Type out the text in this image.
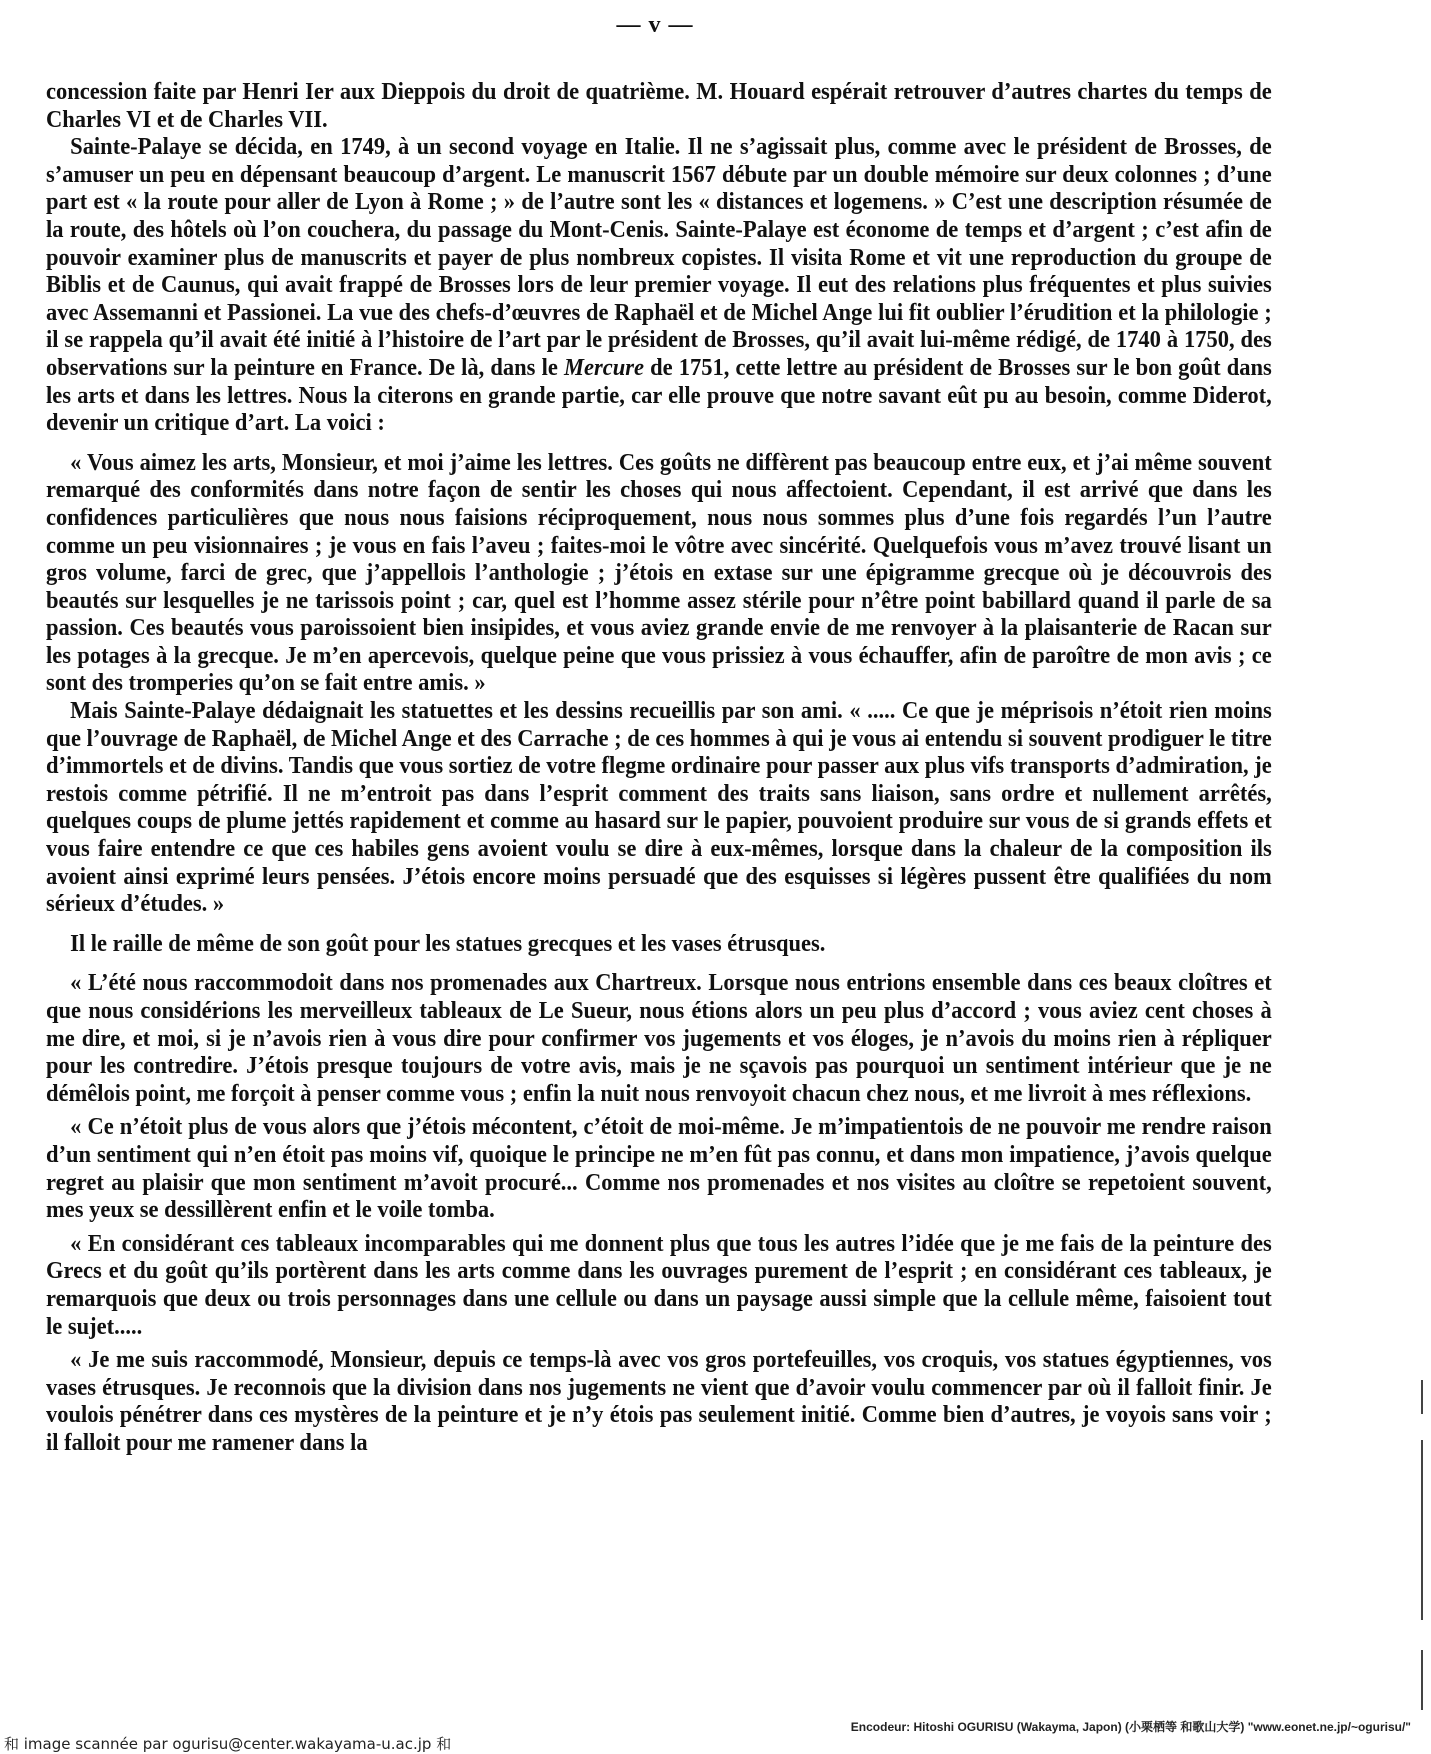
— v —

concession faite par Henri Ier aux Dieppois du droit de quatrième. M. Houard espérait retrouver d’autres chartes du temps de Charles VI et de Charles VII.

Sainte-Palaye se décida, en 1749, à un second voyage en Italie. Il ne s’agissait plus, comme avec le président de Brosses, de s’amuser un peu en dépensant beaucoup d’argent. Le manuscrit 1567 débute par un double mémoire sur deux colonnes ; d’une part est « la route pour aller de Lyon à Rome ; » de l’autre sont les « distances et logemens. » C’est une description résumée de la route, des hôtels où l’on couchera, du passage du Mont-Cenis. Sainte-Palaye est économe de temps et d’argent ; c’est afin de pouvoir examiner plus de manuscrits et payer de plus nombreux copistes. Il visita Rome et vit une reproduction du groupe de Biblis et de Caunus, qui avait frappé de Brosses lors de leur premier voyage. Il eut des relations plus fréquentes et plus suivies avec Assemanni et Passionei. La vue des chefs-d’œuvres de Raphaël et de Michel Ange lui fit oublier l’érudition et la philologie ; il se rappela qu’il avait été initié à l’histoire de l’art par le président de Brosses, qu’il avait lui-même rédigé, de 1740 à 1750, des observations sur la peinture en France. De là, dans le Mercure de 1751, cette lettre au président de Brosses sur le bon goût dans les arts et dans les lettres. Nous la citerons en grande partie, car elle prouve que notre savant eût pu au besoin, comme Diderot, devenir un critique d’art. La voici :

« Vous aimez les arts, Monsieur, et moi j’aime les lettres. Ces goûts ne diffèrent pas beaucoup entre eux, et j’ai même souvent remarqué des conformités dans notre façon de sentir les choses qui nous affectoient. Cependant, il est arrivé que dans les confidences particulières que nous nous faisions réciproquement, nous nous sommes plus d’une fois regardés l’un l’autre comme un peu visionnaires ; je vous en fais l’aveu ; faites-moi le vôtre avec sincérité. Quelquefois vous m’avez trouvé lisant un gros volume, farci de grec, que j’appellois l’anthologie ; j’étois en extase sur une épigramme grecque où je découvrois des beautés sur lesquelles je ne tarissois point ; car, quel est l’homme assez stérile pour n’être point babillard quand il parle de sa passion. Ces beautés vous paroissoient bien insipides, et vous aviez grande envie de me renvoyer à la plaisanterie de Racan sur les potages à la grecque. Je m’en apercevois, quelque peine que vous prissiez à vous échauffer, afin de paroître de mon avis ; ce sont des tromperies qu’on se fait entre amis. »

Mais Sainte-Palaye dédaignait les statuettes et les dessins recueillis par son ami. « ..... Ce que je méprisois n’étoit rien moins que l’ouvrage de Raphaël, de Michel Ange et des Carrache ; de ces hommes à qui je vous ai entendu si souvent prodiguer le titre d’immortels et de divins. Tandis que vous sortiez de votre flegme ordinaire pour passer aux plus vifs transports d’admiration, je restois comme pétrifié. Il ne m’entroit pas dans l’esprit comment des traits sans liaison, sans ordre et nullement arrêtés, quelques coups de plume jettés rapidement et comme au hasard sur le papier, pouvoient produire sur vous de si grands effets et vous faire entendre ce que ces habiles gens avoient voulu se dire à eux-mêmes, lorsque dans la chaleur de la composition ils avoient ainsi exprimé leurs pensées. J’étois encore moins persuadé que des esquisses si légères pussent être qualifiées du nom sérieux d’études. »

Il le raille de même de son goût pour les statues grecques et les vases étrusques.

« L’été nous raccommodoit dans nos promenades aux Chartreux. Lorsque nous entrions ensemble dans ces beaux cloîtres et que nous considérions les merveilleux tableaux de Le Sueur, nous étions alors un peu plus d’accord ; vous aviez cent choses à me dire, et moi, si je n’avois rien à vous dire pour confirmer vos jugements et vos éloges, je n’avois du moins rien à répliquer pour les contredire. J’étois presque toujours de votre avis, mais je ne sçavois pas pourquoi un sentiment intérieur que je ne démêlois point, me forçoit à penser comme vous ; enfin la nuit nous renvoyoit chacun chez nous, et me livroit à mes réflexions.

« Ce n’étoit plus de vous alors que j’étois mécontent, c’étoit de moi-même. Je m’impatientois de ne pouvoir me rendre raison d’un sentiment qui n’en étoit pas moins vif, quoique le principe ne m’en fût pas connu, et dans mon impatience, j’avois quelque regret au plaisir que mon sentiment m’avoit procuré... Comme nos promenades et nos visites au cloître se repetoient souvent, mes yeux se dessillèrent enfin et le voile tomba.

« En considérant ces tableaux incomparables qui me donnent plus que tous les autres l’idée que je me fais de la peinture des Grecs et du goût qu’ils portèrent dans les arts comme dans les ouvrages purement de l’esprit ; en considérant ces tableaux, je remarquois que deux ou trois personnages dans une cellule ou dans un paysage aussi simple que la cellule même, faisoient tout le sujet.....

« Je me suis raccommodé, Monsieur, depuis ce temps-là avec vos gros portefeuilles, vos croquis, vos statues égyptiennes, vos vases étrusques. Je reconnois que la division dans nos jugements ne vient que d’avoir voulu commencer par où il falloit finir. Je voulois pénétrer dans ces mystères de la peinture et je n’y étois pas seulement initié. Comme bien d’autres, je voyois sans voir ; il falloit pour me ramener dans la

Encodeur: Hitoshi OGURISU (Wakayma, Japon) (小栗栖等 和歌山大学) "www.eonet.ne.jp/~ogurisu/"
和 image scannée par ogurisu@center.wakayama-u.ac.jp 和
